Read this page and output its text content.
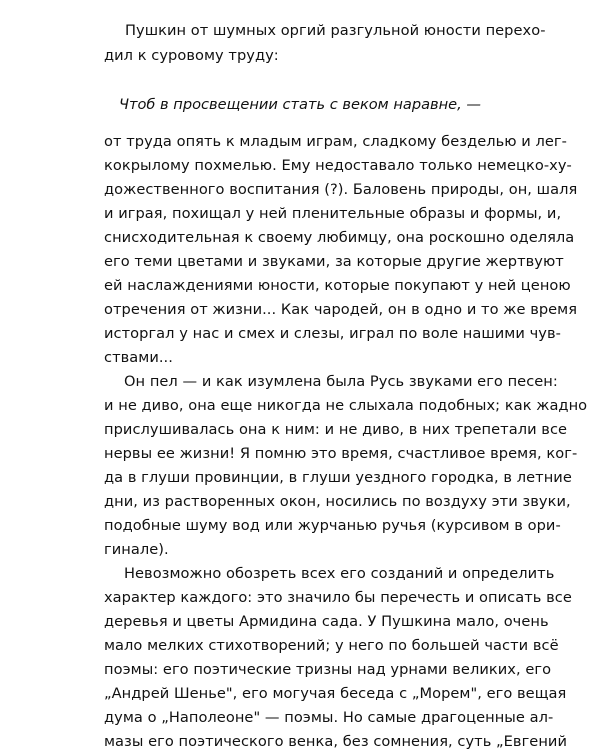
Пушкин от шумных оргий разгульной юности перехо-
дил к суровому труду:
Чтоб в просвещении стать с веком наравне, —
от труда опять к младым играм, сладкому безделью и лег-
кокрылому похмелью. Ему недоставало только немецко-ху-
дожественного воспитания (?). Баловень природы, он, шаля
и играя, похищал у ней пленительные образы и формы, и,
снисходительная к своему любимцу, она роскошно оделяла
его теми цветами и звуками, за которые другие жертвуют
ей наслаждениями юности, которые покупают у ней ценою
отречения от жизни... Как чародей, он в одно и то же время
исторгал у нас и смех и слезы, играл по воле нашими чув-
ствами...
Он пел — и как изумлена была Русь звуками его песен:
и не диво, она еще никогда не слыхала подобных; как жадно
прислушивалась она к ним: и не диво, в них трепетали все
нервы ее жизни! Я помню это время, счастливое время, ког-
да в глуши провинции, в глуши уездного городка, в летние
дни, из растворенных окон, носились по воздуху эти звуки,
подобные шуму вод или журчанью ручья (курсивом в ори-
гинале).
Невозможно обозреть всех его созданий и определить
характер каждого: это значило бы перечесть и описать все
деревья и цветы Армидина сада. У Пушкина мало, очень
мало мелких стихотворений; у него по большей части всё
поэмы: его поэтические тризны над урнами великих, его
„Андрей Шенье", его могучая беседа с „Морем", его вещая
дума о „Наполеоне" — поэмы. Но самые драгоценные ал-
мазы его поэтического венка, без сомнения, суть „Евгений
